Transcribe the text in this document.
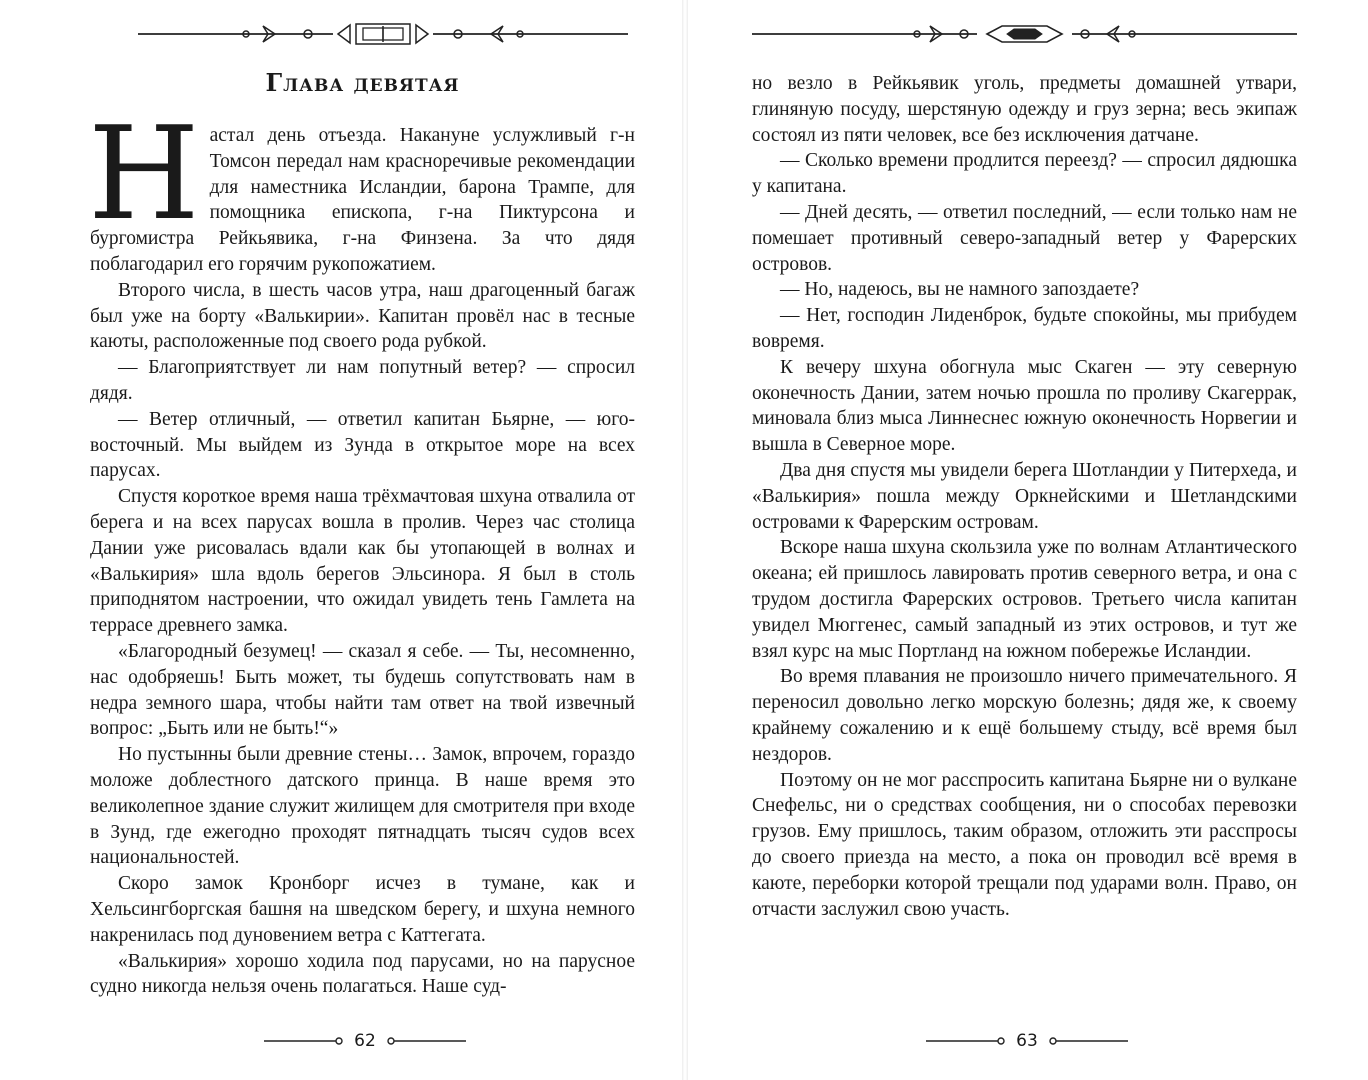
Глава девятая

Настал день отъезда. Накануне услужливый г-н Томсон передал нам красноречивые рекомендации для наместника Исландии, барона Трампе, для помощника епископа, г-на Пиктурсона и бургомистра Рейкьявика, г-на Финзена. За что дядя поблагодарил его горячим рукопожатием.

Второго числа, в шесть часов утра, наш драгоценный багаж был уже на борту «Валькирии». Капитан провёл нас в тесные каюты, расположенные под своего рода рубкой.

— Благоприятствует ли нам попутный ветер? — спросил дядя.

— Ветер отличный, — ответил капитан Бьярне, — юго-восточный. Мы выйдем из Зунда в открытое море на всех парусах.

Спустя короткое время наша трёхмачтовая шхуна отвалила от берега и на всех парусах вошла в пролив. Через час столица Дании уже рисовалась вдали как бы утопающей в волнах и «Валькирия» шла вдоль берегов Эльсинора. Я был в столь приподнятом настроении, что ожидал увидеть тень Гамлета на террасе древнего замка.

«Благородный безумец! — сказал я себе. — Ты, несомненно, нас одобряешь! Быть может, ты будешь сопутствовать нам в недра земного шара, чтобы найти там ответ на твой извечный вопрос: „Быть или не быть!“»

Но пустынны были древние стены… Замок, впрочем, гораздо моложе доблестного датского принца. В наше время это великолепное здание служит жилищем для смотрителя при входе в Зунд, где ежегодно проходят пятнадцать тысяч судов всех национальностей.

Скоро замок Кронборг исчез в тумане, как и Хельсингборгская башня на шведском берегу, и шхуна немного накренилась под дуновением ветра с Каттегата.

«Валькирия» хорошо ходила под парусами, но на парусное судно никогда нельзя очень полагаться. Наше суд-

62

но везло в Рейкьявик уголь, предметы домашней утвари, глиняную посуду, шерстяную одежду и груз зерна; весь экипаж состоял из пяти человек, все без исключения датчане.

— Сколько времени продлится переезд? — спросил дядюшка у капитана.

— Дней десять, — ответил последний, — если только нам не помешает противный северо-западный ветер у Фарерских островов.

— Но, надеюсь, вы не намного запоздаете?

— Нет, господин Лиденброк, будьте спокойны, мы прибудем вовремя.

К вечеру шхуна обогнула мыс Скаген — эту северную оконечность Дании, затем ночью прошла по проливу Скагеррак, миновала близ мыса Линнеснес южную оконечность Норвегии и вышла в Северное море.

Два дня спустя мы увидели берега Шотландии у Питерхеда, и «Валькирия» пошла между Оркнейскими и Шетландскими островами к Фарерским островам.

Вскоре наша шхуна скользила уже по волнам Атлантического океана; ей пришлось лавировать против северного ветра, и она с трудом достигла Фарерских островов. Третьего числа капитан увидел Мюггенес, самый западный из этих островов, и тут же взял курс на мыс Портланд на южном побережье Исландии.

Во время плавания не произошло ничего примечательного. Я переносил довольно легко морскую болезнь; дядя же, к своему крайнему сожалению и к ещё большему стыду, всё время был нездоров.

Поэтому он не мог расспросить капитана Бьярне ни о вулкане Снефельс, ни о средствах сообщения, ни о способах перевозки грузов. Ему пришлось, таким образом, отложить эти расспросы до своего приезда на место, а пока он проводил всё время в каюте, переборки которой трещали под ударами волн. Право, он отчасти заслужил свою участь.

63
